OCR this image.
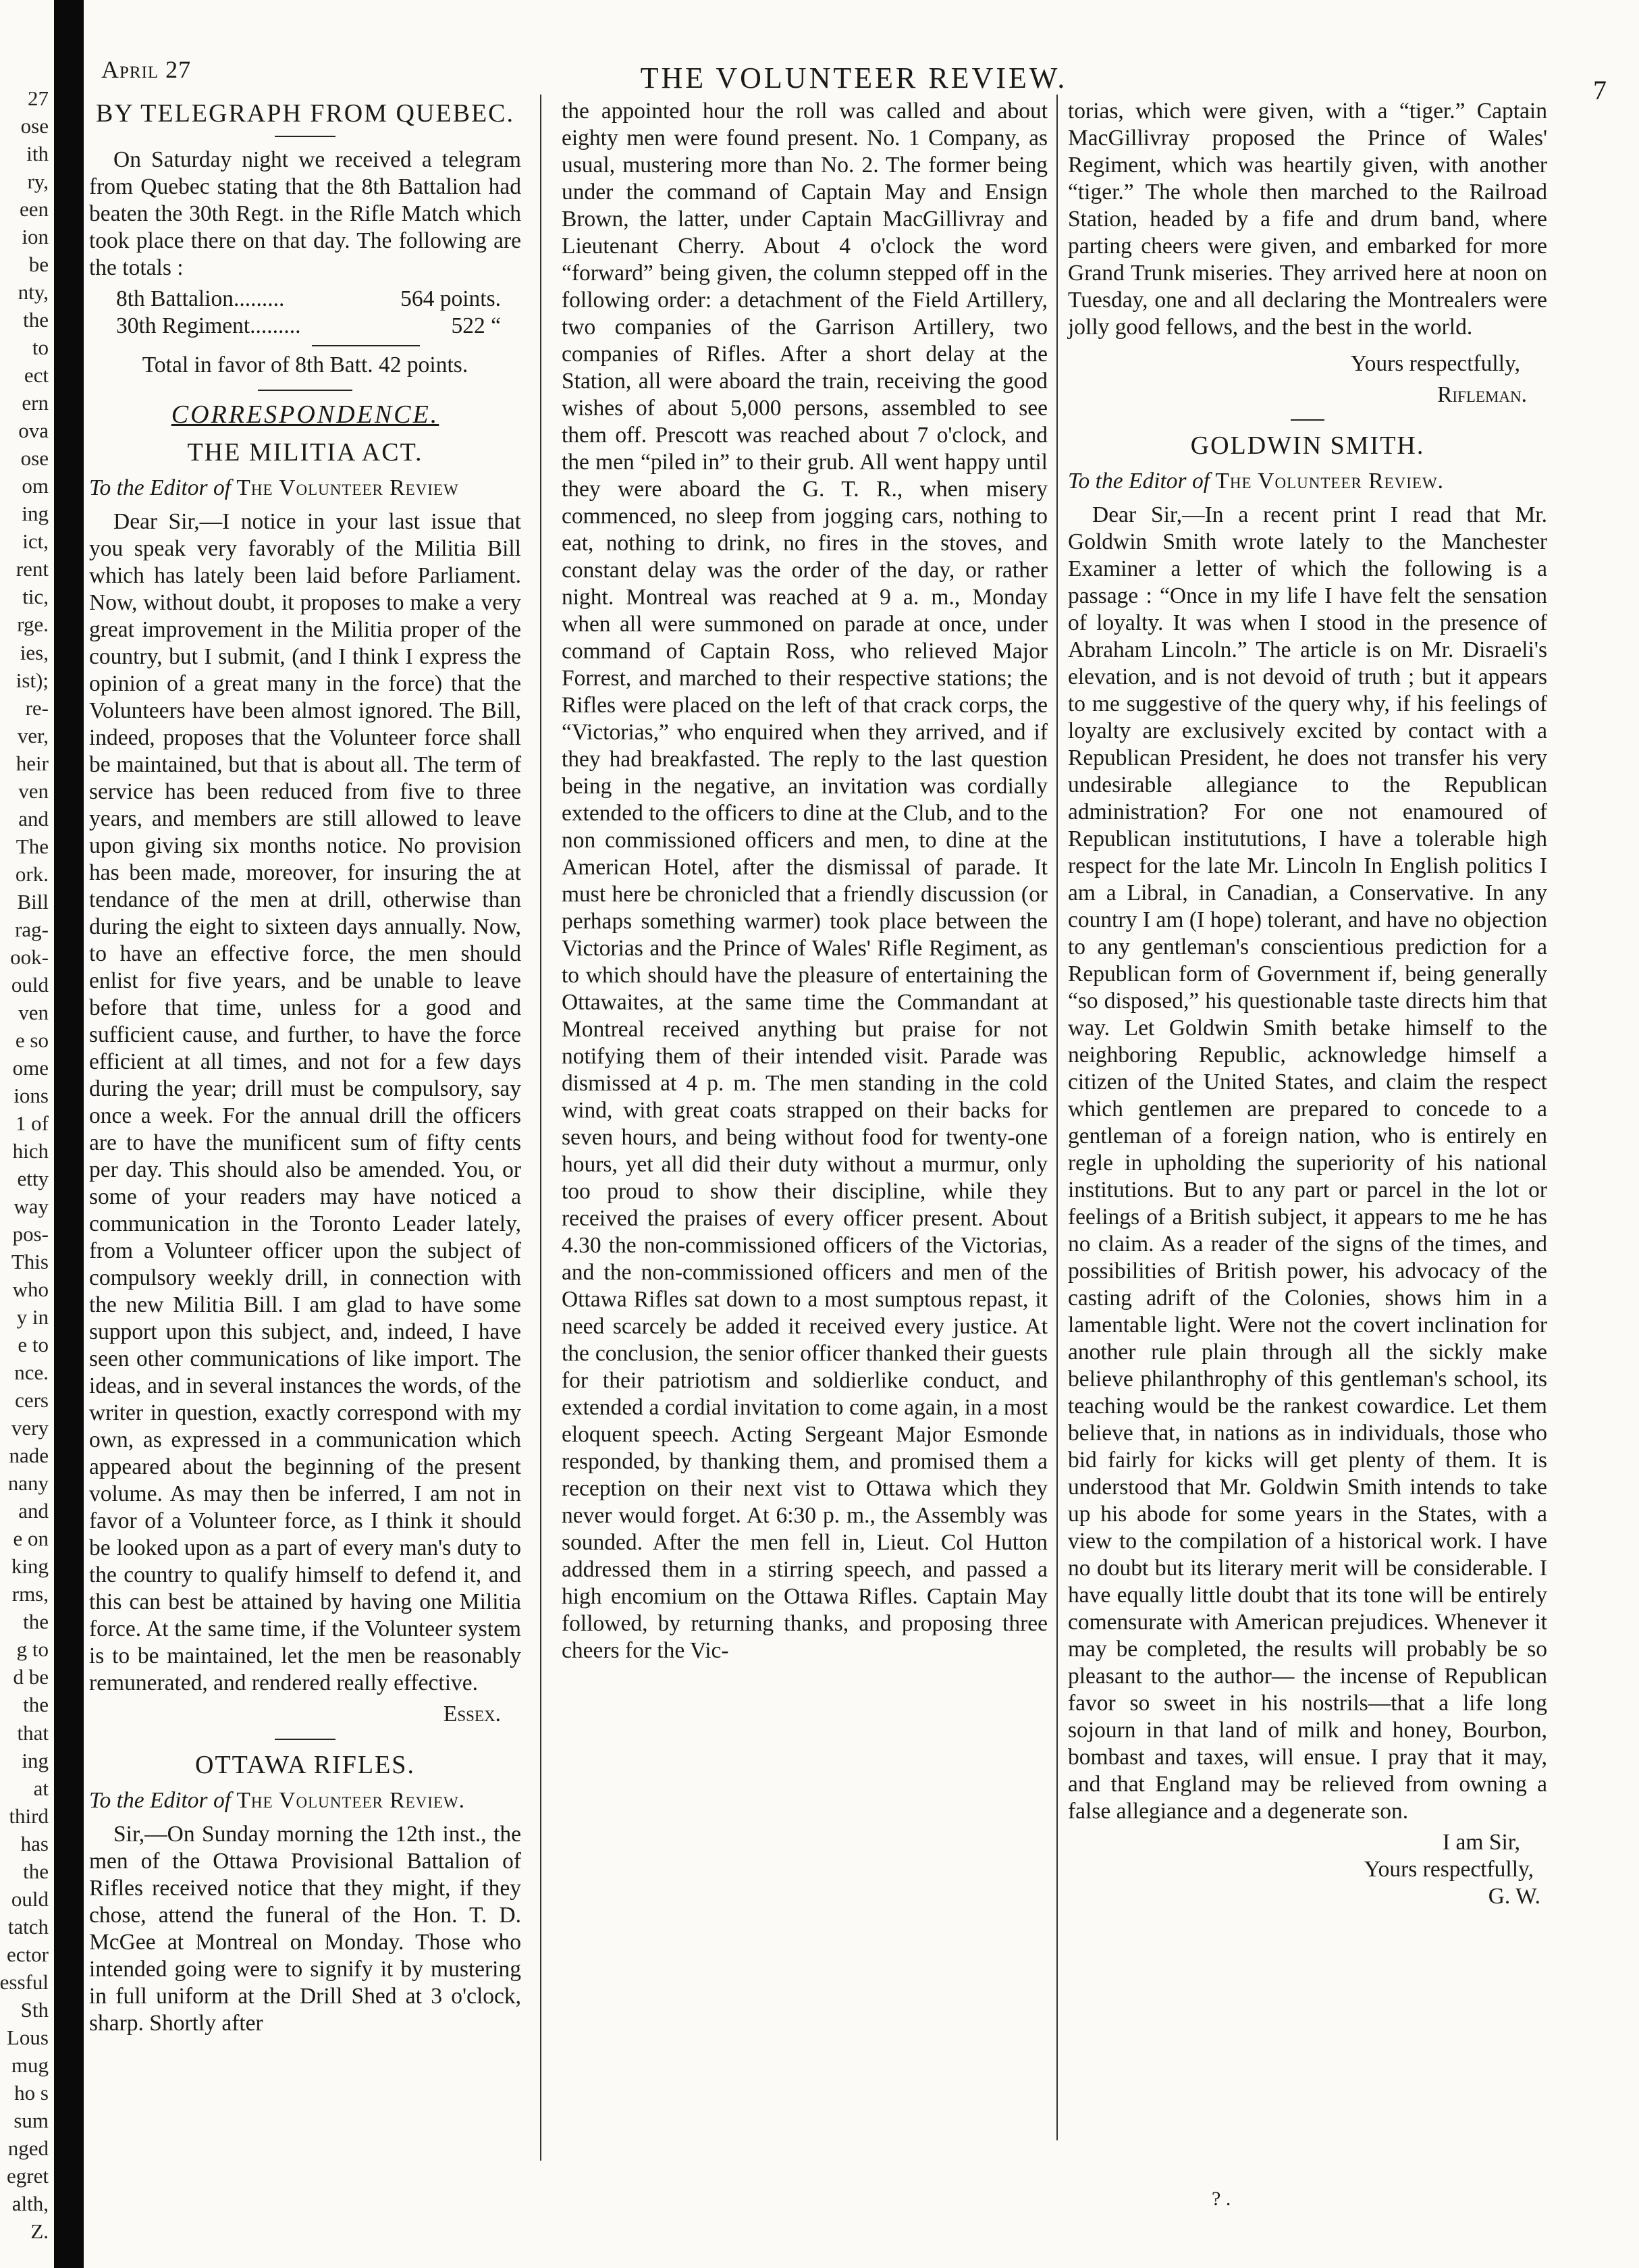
27
ose
ith
ry,
een
ion
be
nty,
the
to
ect
ern
ova
ose
om
ing
ict,
rent
tic,
rge.
ies,
ist);
re-
ver,
heir
ven
and
The
ork.
Bill
rag-
ook-
ould
ven
e so
ome
ions
1 of
hich
etty
way
pos-
This
who
y in
e to
nce.
cers
very
nade
nany
and
e on
king
rms,
the
g to
d be
the
that
ing
at
third
has
the
ould
tatch
ector
essful
Sth
Lous
mug
ho s
sum
nged
egret
alth,
Z.
April 27	THE VOLUNTEER REVIEW.	7
BY TELEGRAPH FROM QUEBEC.

On Saturday night we received a telegram from Quebec stating that the 8th Battalion had beaten the 30th Regt. in the Rifle Match which took place there on that day. The following are the totals :

8th Battalion.........	564 points.
30th Regiment.........	522 “
Total in favor of 8th Batt. 42 points.
CORRESPONDENCE.
THE MILITIA ACT.

To the Editor of The Volunteer Review

Dear Sir,—I notice in your last issue that you speak very favorably of the Militia Bill which has lately been laid before Parliament. Now, without doubt, it proposes to make a very great improvement in the Militia proper of the country, but I submit, (and I think I express the opinion of a great many in the force) that the Volunteers have been almost ignored. The Bill, indeed, proposes that the Volunteer force shall be maintained, but that is about all. The term of service has been reduced from five to three years, and members are still allowed to leave upon giving six months notice. No provision has been made, moreover, for insuring the at tendance of the men at drill, otherwise than during the eight to sixteen days annually. Now, to have an effective force, the men should enlist for five years, and be unable to leave before that time, unless for a good and sufficient cause, and further, to have the force efficient at all times, and not for a few days during the year; drill must be compulsory, say once a week. For the annual drill the officers are to have the munificent sum of fifty cents per day. This should also be amended. You, or some of your readers may have noticed a communication in the Toronto Leader lately, from a Volunteer officer upon the subject of compulsory weekly drill, in connection with the new Militia Bill. I am glad to have some support upon this subject, and, indeed, I have seen other communications of like import. The ideas, and in several instances the words, of the writer in question, exactly correspond with my own, as expressed in a communication which appeared about the beginning of the present volume. As may then be inferred, I am not in favor of a Volunteer force, as I think it should be looked upon as a part of every man's duty to the country to qualify himself to defend it, and this can best be attained by having one Militia force. At the same time, if the Volunteer system is to be maintained, let the men be reasonably remunerated, and rendered really effective.

Essex.
OTTAWA RIFLES.

To the Editor of The Volunteer Review.

Sir,—On Sunday morning the 12th inst., the men of the Ottawa Provisional Battalion of Rifles received notice that they might, if they chose, attend the funeral of the Hon. T. D. McGee at Montreal on Monday. Those who intended going were to signify it by mustering in full uniform at the Drill Shed at 3 o'clock, sharp. Shortly after

the appointed hour the roll was called and about eighty men were found present. No. 1 Company, as usual, mustering more than No. 2. The former being under the command of Captain May and Ensign Brown, the latter, under Captain MacGillivray and Lieutenant Cherry. About 4 o'clock the word “forward” being given, the column stepped off in the following order: a detachment of the Field Artillery, two companies of the Garrison Artillery, two companies of Rifles. After a short delay at the Station, all were aboard the train, receiving the good wishes of about 5,000 persons, assembled to see them off. Prescott was reached about 7 o'clock, and the men “piled in” to their grub. All went happy until they were aboard the G. T. R., when misery commenced, no sleep from jogging cars, nothing to eat, nothing to drink, no fires in the stoves, and constant delay was the order of the day, or rather night. Montreal was reached at 9 a. m., Monday when all were summoned on parade at once, under command of Captain Ross, who relieved Major Forrest, and marched to their respective stations; the Rifles were placed on the left of that crack corps, the “Victorias,” who enquired when they arrived, and if they had breakfasted. The reply to the last question being in the negative, an invitation was cordially extended to the officers to dine at the Club, and to the non commissioned officers and men, to dine at the American Hotel, after the dismissal of parade. It must here be chronicled that a friendly discussion (or perhaps something warmer) took place between the Victorias and the Prince of Wales' Rifle Regiment, as to which should have the pleasure of entertaining the Ottawaites, at the same time the Commandant at Montreal received anything but praise for not notifying them of their intended visit. Parade was dismissed at 4 p. m. The men standing in the cold wind, with great coats strapped on their backs for seven hours, and being without food for twenty-one hours, yet all did their duty without a murmur, only too proud to show their discipline, while they received the praises of every officer present. About 4.30 the non-commissioned officers of the Victorias, and the non-commissioned officers and men of the Ottawa Rifles sat down to a most sumptous repast, it need scarcely be added it received every justice. At the conclusion, the senior officer thanked their guests for their patriotism and soldierlike conduct, and extended a cordial invitation to come again, in a most eloquent speech. Acting Sergeant Major Esmonde responded, by thanking them, and promised them a reception on their next vist to Ottawa which they never would forget. At 6:30 p. m., the Assembly was sounded. After the men fell in, Lieut. Col Hutton addressed them in a stirring speech, and passed a high encomium on the Ottawa Rifles. Captain May followed, by returning thanks, and proposing three cheers for the Vic-

torias, which were given, with a “tiger.” Captain MacGillivray proposed the Prince of Wales' Regiment, which was heartily given, with another “tiger.” The whole then marched to the Railroad Station, headed by a fife and drum band, where parting cheers were given, and embarked for more Grand Trunk miseries. They arrived here at noon on Tuesday, one and all declaring the Montrealers were jolly good fellows, and the best in the world.

Yours respectfully,
Rifleman.
GOLDWIN SMITH.

To the Editor of The Volunteer Review.

Dear Sir,—In a recent print I read that Mr. Goldwin Smith wrote lately to the Manchester Examiner a letter of which the following is a passage : “Once in my life I have felt the sensation of loyalty. It was when I stood in the presence of Abraham Lincoln.” The article is on Mr. Disraeli's elevation, and is not devoid of truth ; but it appears to me suggestive of the query why, if his feelings of loyalty are exclusively excited by contact with a Republican President, he does not transfer his very undesirable allegiance to the Republican administration? For one not enamoured of Republican institututions, I have a tolerable high respect for the late Mr. Lincoln In English politics I am a Libral, in Canadian, a Conservative. In any country I am (I hope) tolerant, and have no objection to any gentleman's conscientious prediction for a Republican form of Government if, being generally “so disposed,” his questionable taste directs him that way. Let Goldwin Smith betake himself to the neighboring Republic, acknowledge himself a citizen of the United States, and claim the respect which gentlemen are prepared to concede to a gentleman of a foreign nation, who is entirely en regle in upholding the superiority of his national institutions. But to any part or parcel in the lot or feelings of a British subject, it appears to me he has no claim. As a reader of the signs of the times, and possibilities of British power, his advocacy of the casting adrift of the Colonies, shows him in a lamentable light. Were not the covert inclination for another rule plain through all the sickly make believe philanthrophy of this gentleman's school, its teaching would be the rankest cowardice. Let them believe that, in nations as in individuals, those who bid fairly for kicks will get plenty of them. It is understood that Mr. Goldwin Smith intends to take up his abode for some years in the States, with a view to the compilation of a historical work. I have no doubt but its literary merit will be considerable. I have equally little doubt that its tone will be entirely comensurate with American prejudices. Whenever it may be completed, the results will probably be so pleasant to the author— the incense of Republican favor so sweet in his nostrils—that a life long sojourn in that land of milk and honey, Bourbon, bombast and taxes, will ensue. I pray that it may, and that England may be relieved from owning a false allegiance and a degenerate son.

I am Sir,
Yours respectfully,
G. W.
? .
